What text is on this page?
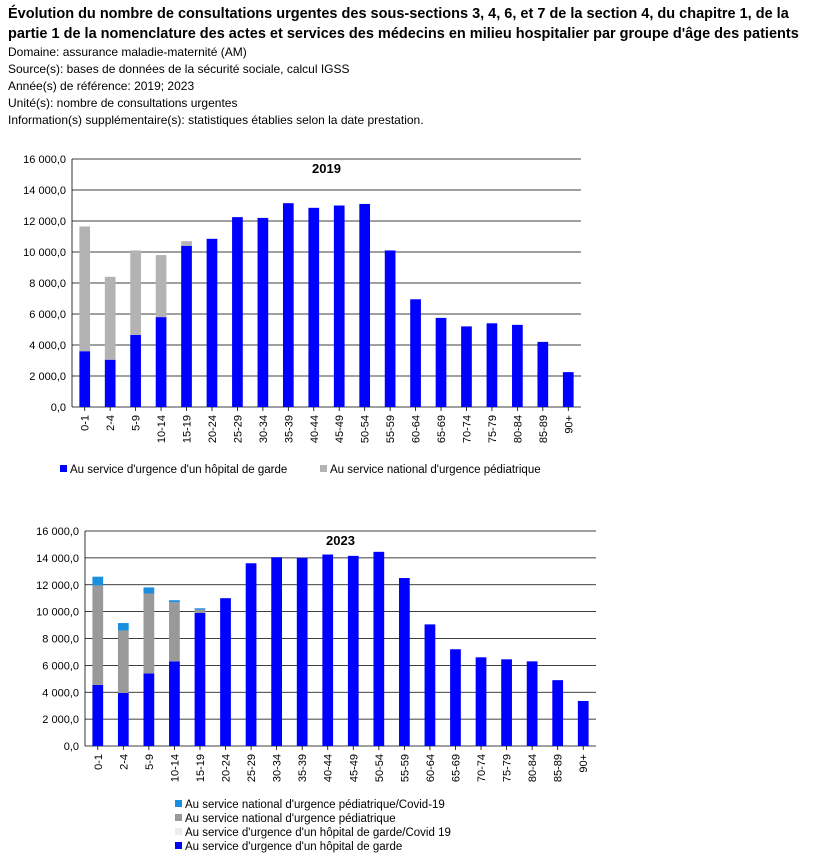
Évolution du nombre de consultations urgentes des sous-sections 3, 4, 6, et 7 de la section 4, du chapitre 1, de la partie 1 de la nomenclature des actes et services des médecins en milieu hospitalier par groupe d'âge des patients

Domaine: assurance maladie-maternité (AM)

Source(s): bases de données de la sécurité sociale, calcul IGSS

Année(s) de référence: 2019; 2023

Unité(s): nombre de consultations urgentes

Information(s) supplémentaire(s): statistiques établies selon la date prestation.

0,0
2 000,0
4 000,0
6 000,0
8 000,0
10 000,0
12 000,0
14 000,0
16 000,0
2019
0-1 2-4 5-9 10-14 15-19 20-24 25-29 30-34 35-39 40-44 45-49 50-54 55-59 60-64 65-69 70-74 75-79 80-84 85-89 90+
Au service d'urgence d'un hôpital de garde	Au service national d'urgence pédiatrique
0,0
2 000,0
4 000,0
6 000,0
8 000,0
10 000,0
12 000,0
14 000,0
16 000,0
2023
0-1 2-4 5-9 10-14 15-19 20-24 25-29 30-34 35-39 40-44 45-49 50-54 55-59 60-64 65-69 70-74 75-79 80-84 85-89 90+
Au service national d'urgence pédiatrique/Covid-19
Au service national d'urgence pédiatrique
Au service d'urgence d'un hôpital de garde/Covid 19
Au service d'urgence d'un hôpital de garde
